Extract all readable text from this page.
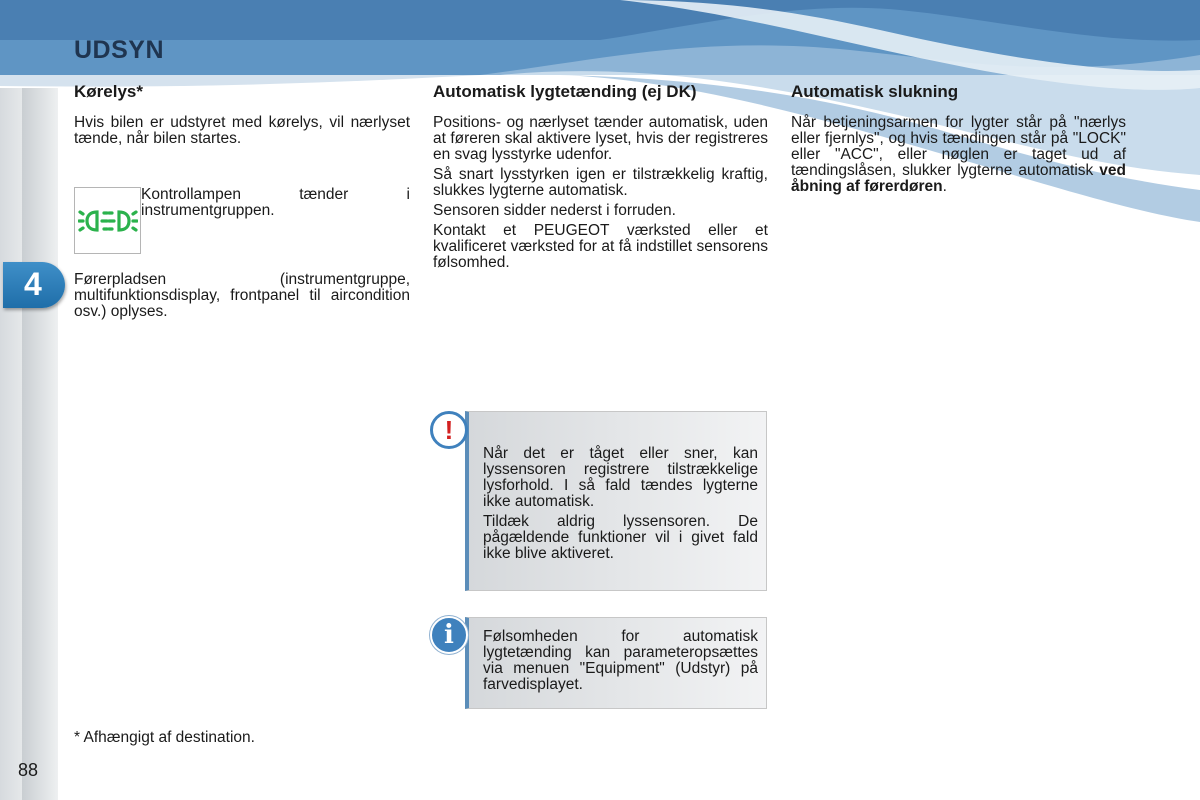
UDSYN
4
88
Kørelys*

Hvis bilen er udstyret med kørelys, vil nærlyset tænde, når bilen startes.

Kontrollampen tænder i instrumentgruppen.

Førerpladsen (instrumentgruppe, multifunktionsdisplay, frontpanel til aircondition osv.) oplyses.

Automatisk lygtetænding (ej DK)

Positions- og nærlyset tænder automatisk, uden at føreren skal aktivere lyset, hvis der registreres en svag lysstyrke udenfor.

Så snart lysstyrken igen er tilstrækkelig kraftig, slukkes lygterne automatisk.

Sensoren sidder nederst i forruden.

Kontakt et PEUGEOT værksted eller et kvalificeret værksted for at få indstillet sensorens følsomhed.

Automatisk slukning

Når betjeningsarmen for lygter står på "nærlys eller fjernlys", og hvis tændingen står på "LOCK" eller "ACC", eller nøglen er taget ud af tændingslåsen, slukker lygterne automatisk ved åbning af førerdøren.

Når det er tåget eller sner, kan lyssensoren registrere tilstrækkelige lysforhold. I så fald tændes lygterne ikke automatisk.

Tildæk aldrig lyssensoren. De pågældende funktioner vil i givet fald ikke blive aktiveret.

!

Følsomheden for automatisk lygtetænding kan parameteropsættes via menuen "Equipment" (Udstyr) på farvedisplayet.

i
* Afhængigt af destination.
